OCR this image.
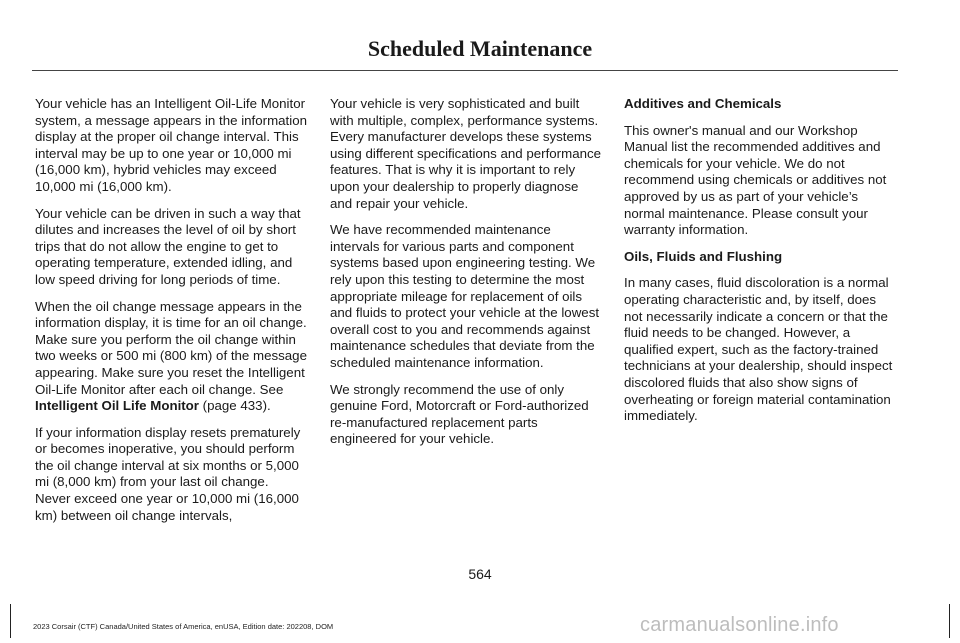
Scheduled Maintenance

Your vehicle has an Intelligent Oil-Life Monitor system, a message appears in the information display at the proper oil change interval. This interval may be up to one year or 10,000 mi (16,000 km), hybrid vehicles may exceed 10,000 mi (16,000 km).

Your vehicle can be driven in such a way that dilutes and increases the level of oil by short trips that do not allow the engine to get to operating temperature, extended idling, and low speed driving for long periods of time.

When the oil change message appears in the information display, it is time for an oil change. Make sure you perform the oil change within two weeks or 500 mi (800 km) of the message appearing. Make sure you reset the Intelligent Oil-Life Monitor after each oil change. See Intelligent Oil Life Monitor (page 433).

If your information display resets prematurely or becomes inoperative, you should perform the oil change interval at six months or 5,000 mi (8,000 km) from your last oil change. Never exceed one year or 10,000 mi (16,000 km) between oil change intervals,

Your vehicle is very sophisticated and built with multiple, complex, performance systems. Every manufacturer develops these systems using different specifications and performance features. That is why it is important to rely upon your dealership to properly diagnose and repair your vehicle.

We have recommended maintenance intervals for various parts and component systems based upon engineering testing. We rely upon this testing to determine the most appropriate mileage for replacement of oils and fluids to protect your vehicle at the lowest overall cost to you and recommends against maintenance schedules that deviate from the scheduled maintenance information.

We strongly recommend the use of only genuine Ford, Motorcraft or Ford-authorized re-manufactured replacement parts engineered for your vehicle.

Additives and Chemicals

This owner's manual and our Workshop Manual list the recommended additives and chemicals for your vehicle. We do not recommend using chemicals or additives not approved by us as part of your vehicle’s normal maintenance. Please consult your warranty information.

Oils, Fluids and Flushing

In many cases, fluid discoloration is a normal operating characteristic and, by itself, does not necessarily indicate a concern or that the fluid needs to be changed. However, a qualified expert, such as the factory-trained technicians at your dealership, should inspect discolored fluids that also show signs of overheating or foreign material contamination immediately.

564
2023 Corsair (CTF) Canada/United States of America, enUSA, Edition date: 202208, DOM	carmanualsonline.info
